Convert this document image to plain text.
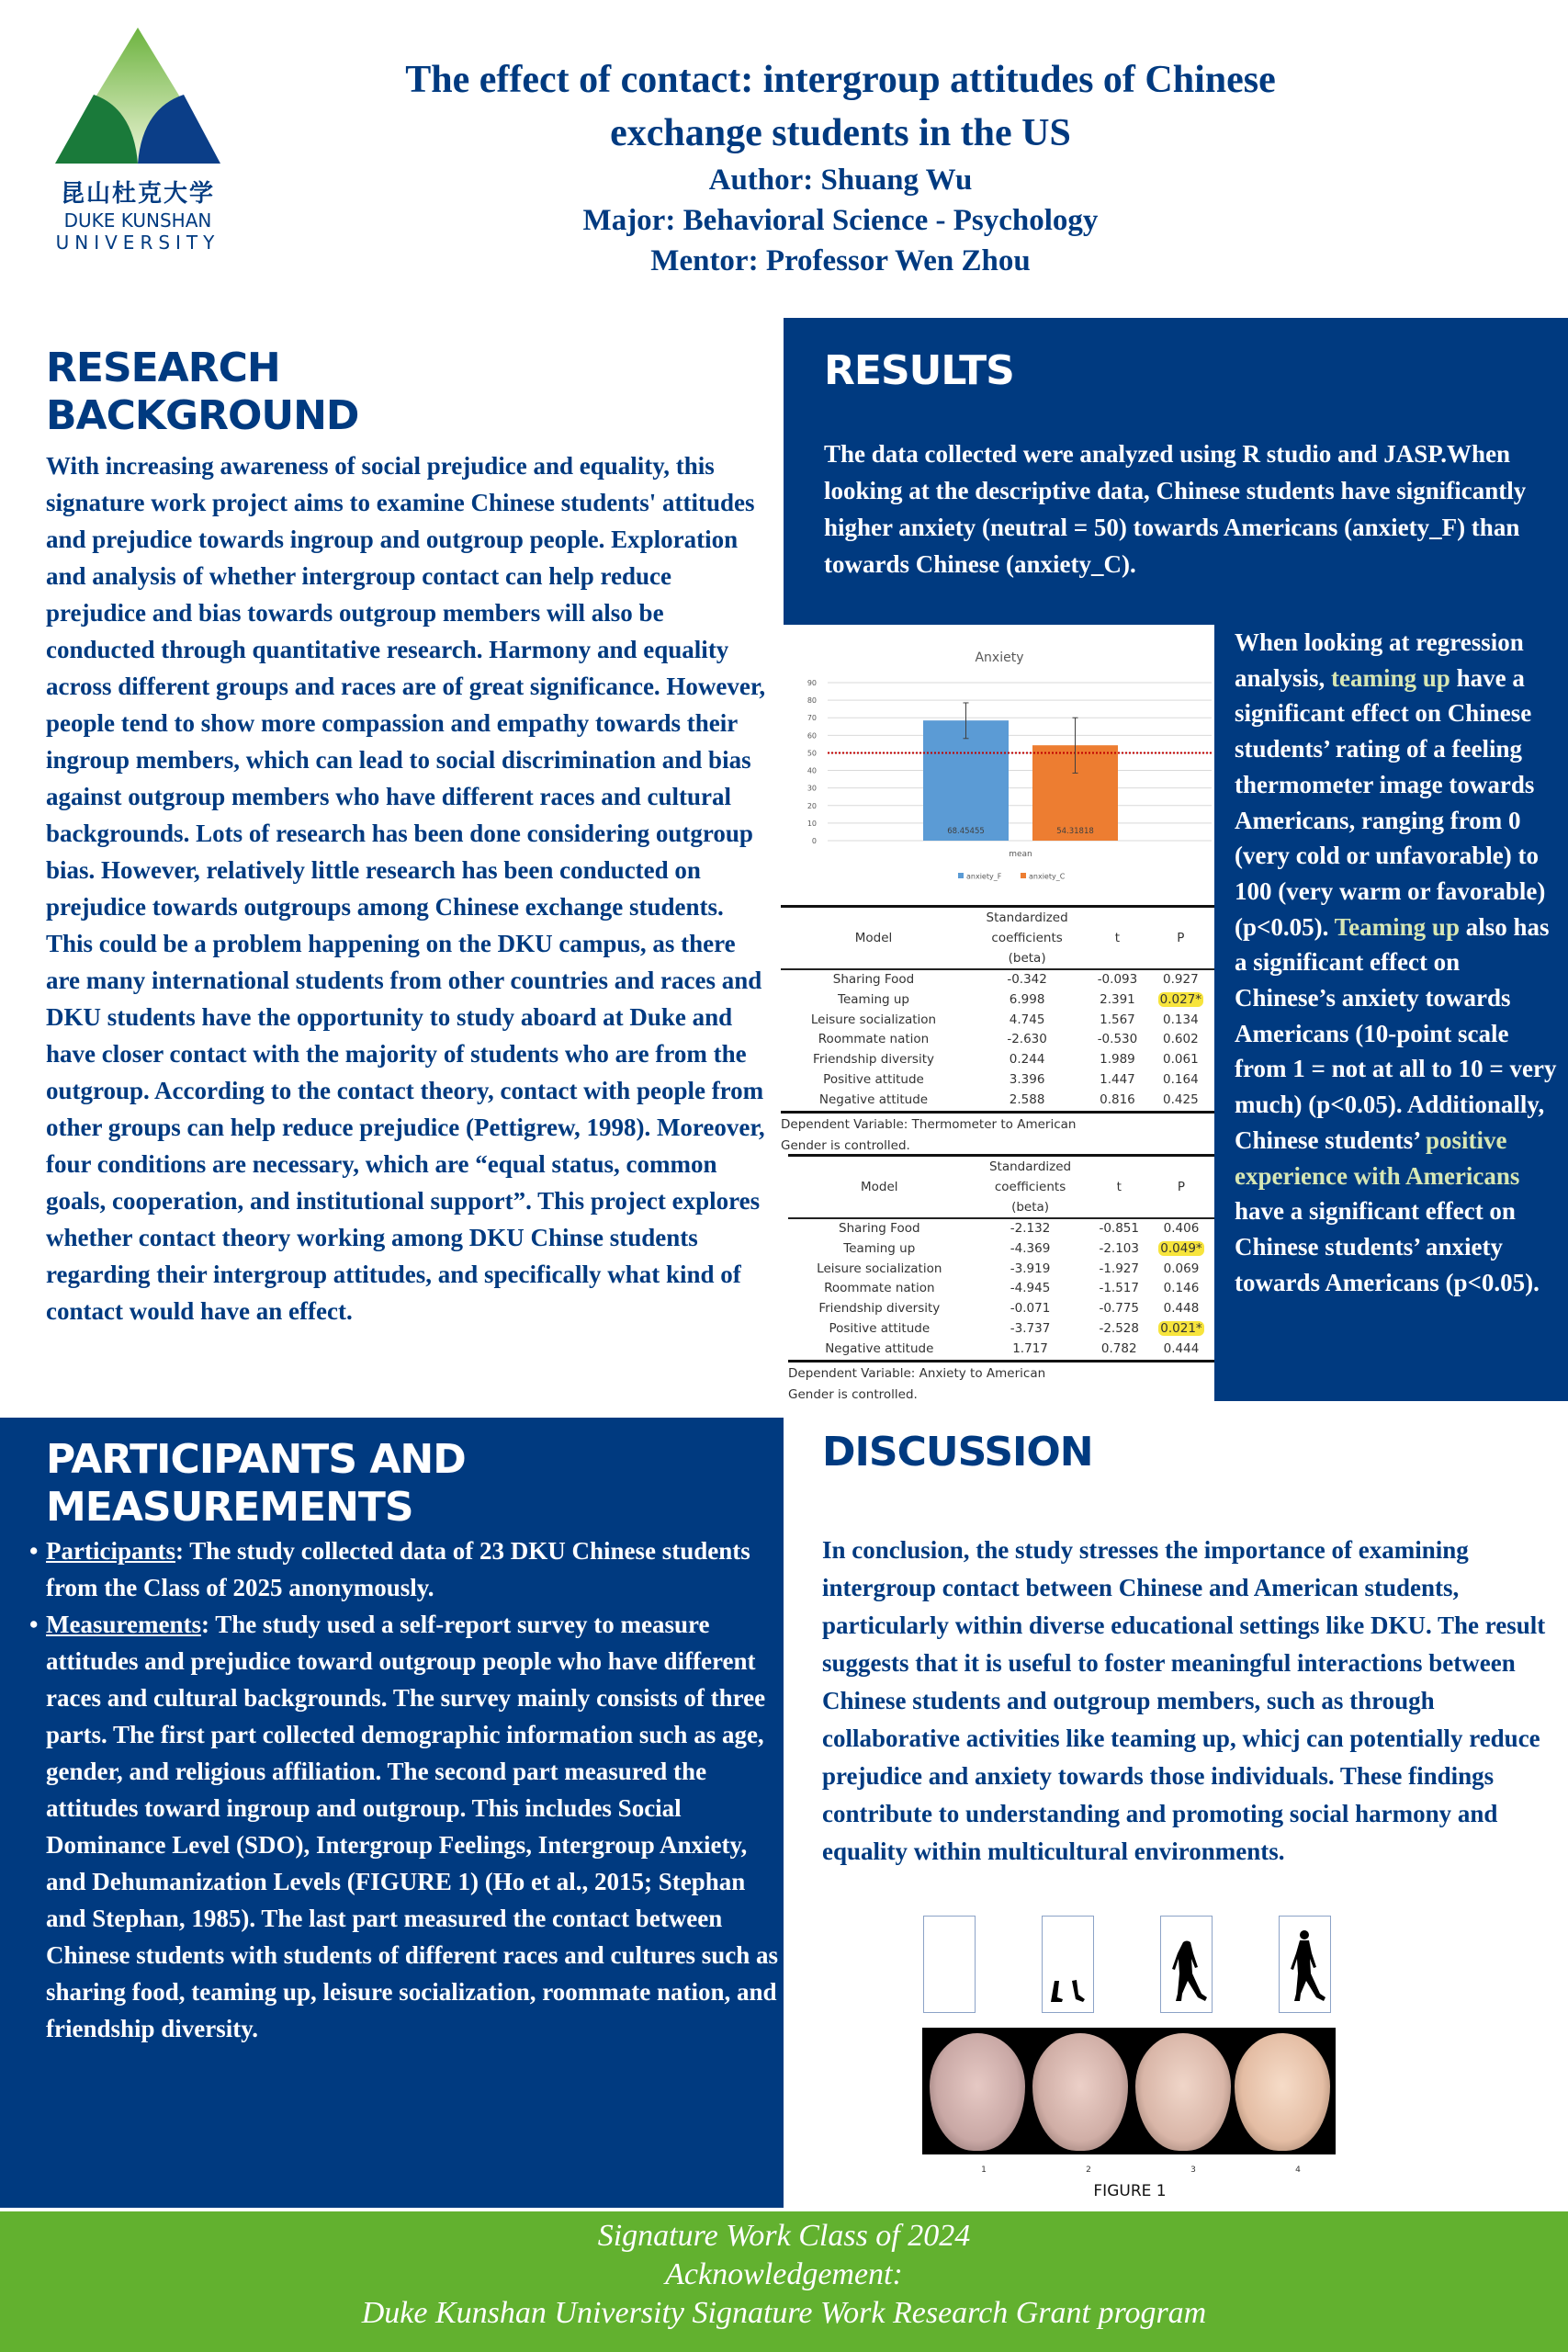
昆山杜克大学
DUKE KUNSHAN
UNIVERSITY
The effect of contact: intergroup attitudes of Chinese
exchange students in the US
Author: Shuang Wu
Major: Behavioral Science - Psychology
Mentor: Professor Wen Zhou
RESEARCH
BACKGROUND
With increasing awareness of social prejudice and equality, this signature work project aims to examine Chinese students' attitudes and prejudice towards ingroup and outgroup people. Exploration and analysis of whether intergroup contact can help reduce prejudice and bias towards outgroup members will also be conducted through quantitative research. Harmony and equality across different groups and races are of great significance. However, people tend to show more compassion and empathy towards their ingroup members, which can lead to social discrimination and bias against outgroup members who have different races and cultural backgrounds. Lots of research has been done considering outgroup bias. However, relatively little research has been conducted on prejudice towards outgroups among Chinese exchange students. This could be a problem happening on the DKU campus, as there are many international students from other countries and races and DKU students have the opportunity to study aboard at Duke and have closer contact with the majority of students who are from the outgroup. According to the contact theory, contact with people from other groups can help reduce prejudice (Pettigrew, 1998). Moreover, four conditions are necessary, which are “equal status, common goals, cooperation, and institutional support”. This project explores whether contact theory working among DKU Chinse students regarding their intergroup attitudes, and specifically what kind of contact would have an effect.
RESULTS
The data collected were analyzed using R studio and JASP.When looking at the descriptive data, Chinese students have significantly higher anxiety (neutral = 50) towards Americans (anxiety_F) than towards Chinese (anxiety_C).
When looking at regression analysis, teaming up have a significant effect on Chinese students’ rating of a feeling thermometer image towards Americans, ranging from 0 (very cold or unfavorable) to 100 (very warm or favorable) (p<0.05). Teaming up also has a significant effect on Chinese’s anxiety towards Americans (10-point scale from 1 = not at all to 10 = very much) (p<0.05). Additionally, Chinese students’ positive experience with Americans have a significant effect on Chinese students’ anxiety towards Americans (p<0.05).
Anxiety
0
10
20
30
40
50
60
70
80
90
68.45455	54.31818
mean
anxiety_F	anxiety_C
Model	Standardized
coefficients
(beta)	t	P
Sharing Food	-0.342	-0.093	0.927
Teaming up	6.998	2.391	0.027*
Leisure socialization	4.745	1.567	0.134
Roommate nation	-2.630	-0.530	0.602
Friendship diversity	0.244	1.989	0.061
Positive attitude	3.396	1.447	0.164
Negative attitude	2.588	0.816	0.425
Dependent Variable: Thermometer to American
Gender is controlled.
Model	Standardized
coefficients
(beta)	t	P
Sharing Food	-2.132	-0.851	0.406
Teaming up	-4.369	-2.103	0.049*
Leisure socialization	-3.919	-1.927	0.069
Roommate nation	-4.945	-1.517	0.146
Friendship diversity	-0.071	-0.775	0.448
Positive attitude	-3.737	-2.528	0.021*
Negative attitude	1.717	0.782	0.444
Dependent Variable: Anxiety to American
Gender is controlled.
PARTICIPANTS AND
MEASUREMENTS
• Participants: The study collected data of 23 DKU Chinese students from the Class of 2025 anonymously.
• Measurements: The study used a self-report survey to measure attitudes and prejudice toward outgroup people who have different races and cultural backgrounds. The survey mainly consists of three parts. The first part collected demographic information such as age, gender, and religious affiliation. The second part measured the attitudes toward ingroup and outgroup. This includes Social Dominance Level (SDO), Intergroup Feelings, Intergroup Anxiety, and Dehumanization Levels (FIGURE 1) (Ho et al., 2015; Stephan and Stephan, 1985). The last part measured the contact between Chinese students with students of different races and cultures such as sharing food, teaming up, leisure socialization, roommate nation, and friendship diversity.
DISCUSSION
In conclusion, the study stresses the importance of examining intergroup contact between Chinese and American students, particularly within diverse educational settings like DKU. The result suggests that it is useful to foster meaningful interactions between Chinese students and outgroup members, such as through collaborative activities like teaming up, whicj can potentially reduce prejudice and anxiety towards those individuals. These findings contribute to understanding and promoting social harmony and equality within multicultural environments.
1	2	3	4
FIGURE 1
Signature Work Class of 2024
Acknowledgement:
Duke Kunshan University Signature Work Research Grant program
